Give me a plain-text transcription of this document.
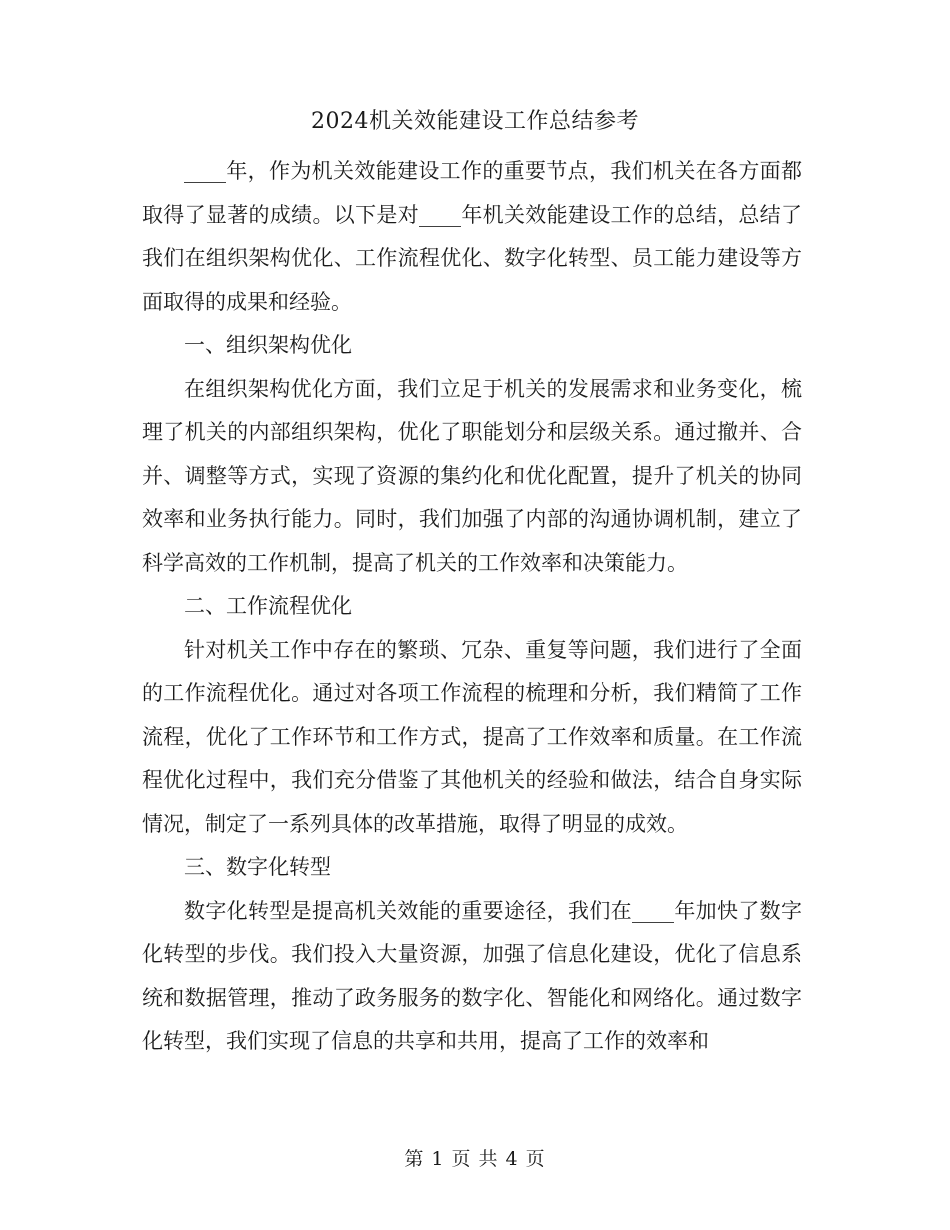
2024机关效能建设工作总结参考

____年，作为机关效能建设工作的重要节点，我们机关在各方面都取得了显著的成绩。以下是对____年机关效能建设工作的总结，总结了我们在组织架构优化、工作流程优化、数字化转型、员工能力建设等方面取得的成果和经验。

一、组织架构优化

在组织架构优化方面，我们立足于机关的发展需求和业务变化，梳理了机关的内部组织架构，优化了职能划分和层级关系。通过撤并、合并、调整等方式，实现了资源的集约化和优化配置，提升了机关的协同效率和业务执行能力。同时，我们加强了内部的沟通协调机制，建立了科学高效的工作机制，提高了机关的工作效率和决策能力。

二、工作流程优化

针对机关工作中存在的繁琐、冗杂、重复等问题，我们进行了全面的工作流程优化。通过对各项工作流程的梳理和分析，我们精简了工作流程，优化了工作环节和工作方式，提高了工作效率和质量。在工作流程优化过程中，我们充分借鉴了其他机关的经验和做法，结合自身实际情况，制定了一系列具体的改革措施，取得了明显的成效。

三、数字化转型

数字化转型是提高机关效能的重要途径，我们在____年加快了数字化转型的步伐。我们投入大量资源，加强了信息化建设，优化了信息系统和数据管理，推动了政务服务的数字化、智能化和网络化。通过数字化转型，我们实现了信息的共享和共用，提高了工作的效率和

第 1 页 共 4 页
